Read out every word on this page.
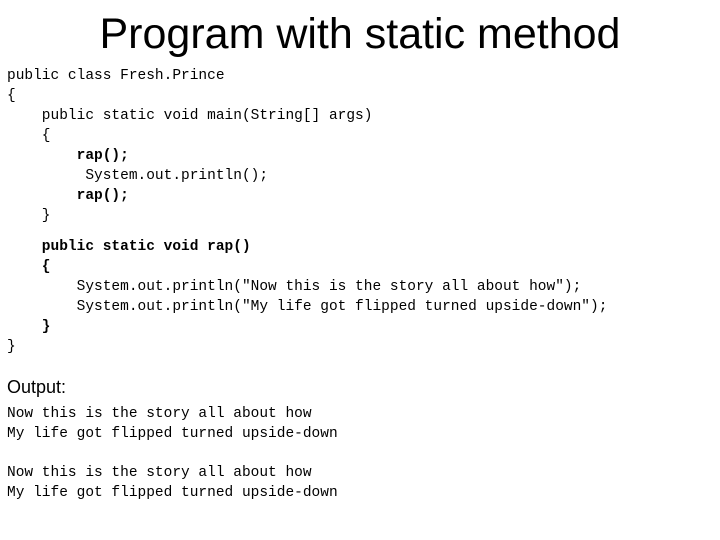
Program with static method
public class Fresh.Prince
{
public static void main(String[] args)
{
rap();
System.out.println();
rap();
}
public static void rap()
{
System.out.println("Now this is the story all about how");
System.out.println("My life got flipped turned upside-down");
}
}
Output:
Now this is the story all about how
My life got flipped turned upside-down
Now this is the story all about how
My life got flipped turned upside-down
